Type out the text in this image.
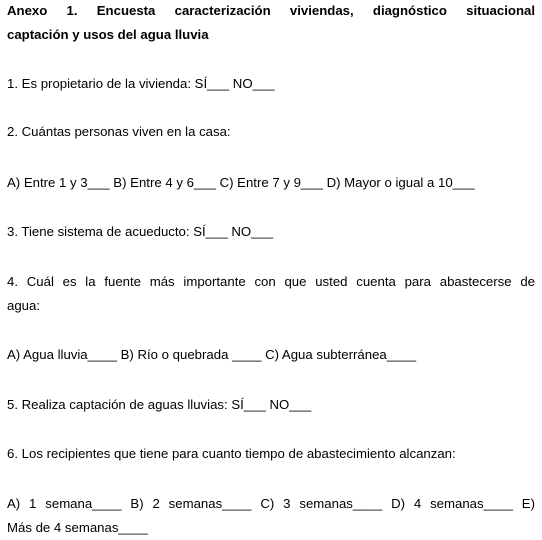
Anexo 1. Encuesta caracterización viviendas, diagnóstico situacional
captación y usos del agua lluvia
1. Es propietario de la vivienda: SÍ___ NO___
2. Cuántas personas viven en la casa:
A) Entre 1 y 3___ B) Entre 4 y 6___ C) Entre 7 y 9___ D) Mayor o igual a 10___
3. Tiene sistema de acueducto: SÍ___ NO___
4. Cuál es la fuente más importante con que usted cuenta para abastecerse de
agua:
A) Agua lluvia____ B) Río o quebrada ____ C) Agua subterránea____
5. Realiza captación de aguas lluvias: SÍ___ NO___
6. Los recipientes que tiene para cuanto tiempo de abastecimiento alcanzan:
A) 1 semana____ B) 2 semanas____ C) 3 semanas____ D) 4 semanas____ E)
Más de 4 semanas____
